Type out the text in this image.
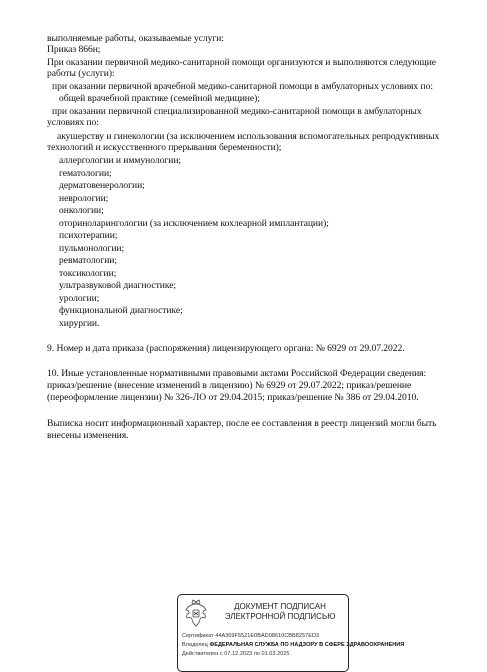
выполняемые работы, оказываемые услуги:
Приказ 866н;
При оказании первичной медико-санитарной помощи организуются и выполняются следующие
работы (услуги):
при оказании первичной врачебной медико-санитарной помощи в амбулаторных условиях по:
общей врачебной практике (семейной медицине);
при оказании первичной специализированной медико-санитарной помощи в амбулаторных
условиях по:
акушерству и гинекологии (за исключением использования вспомогательных репродуктивных
технологий и искусственного прерывания беременности);
аллергологии и иммунологии;
гематологии;
дерматовенерологии;
неврологии;
онкологии;
оториноларингологии (за исключением кохлеарной имплантации);
психотерапии;
пульмонологии;
ревматологии;
токсикологии;
ультразвуковой диагностике;
урологии;
функциональной диагностике;
хирургии.
9. Номер и дата приказа (распоряжения) лицензирующего органа: № 6929 от 29.07.2022.
10. Иные установленные нормативными правовыми актами Российской Федерации сведения:
приказ/решение (внесение изменений в лицензию) № 6929 от 29.07.2022; приказ/решение
(переоформление лицензии) № 326-ЛО от 29.04.2015; приказ/решение № 386 от 29.04.2010.
Выписка носит информационный характер, после ее составления в реестр лицензий могли быть
внесены изменения.
ДОКУМЕНТ ПОДПИСАН
ЭЛЕКТРОННОЙ ПОДПИСЬЮ
Сертификат 44A369F5521E0BAD08610CBB8257ED3
Владелец ФЕДЕРАЛЬНАЯ СЛУЖБА ПО НАДЗОРУ В СФЕРЕ ЗДРАВООХРАНЕНИЯ
Действителен с 07.12.2023 по 01.03.2025
